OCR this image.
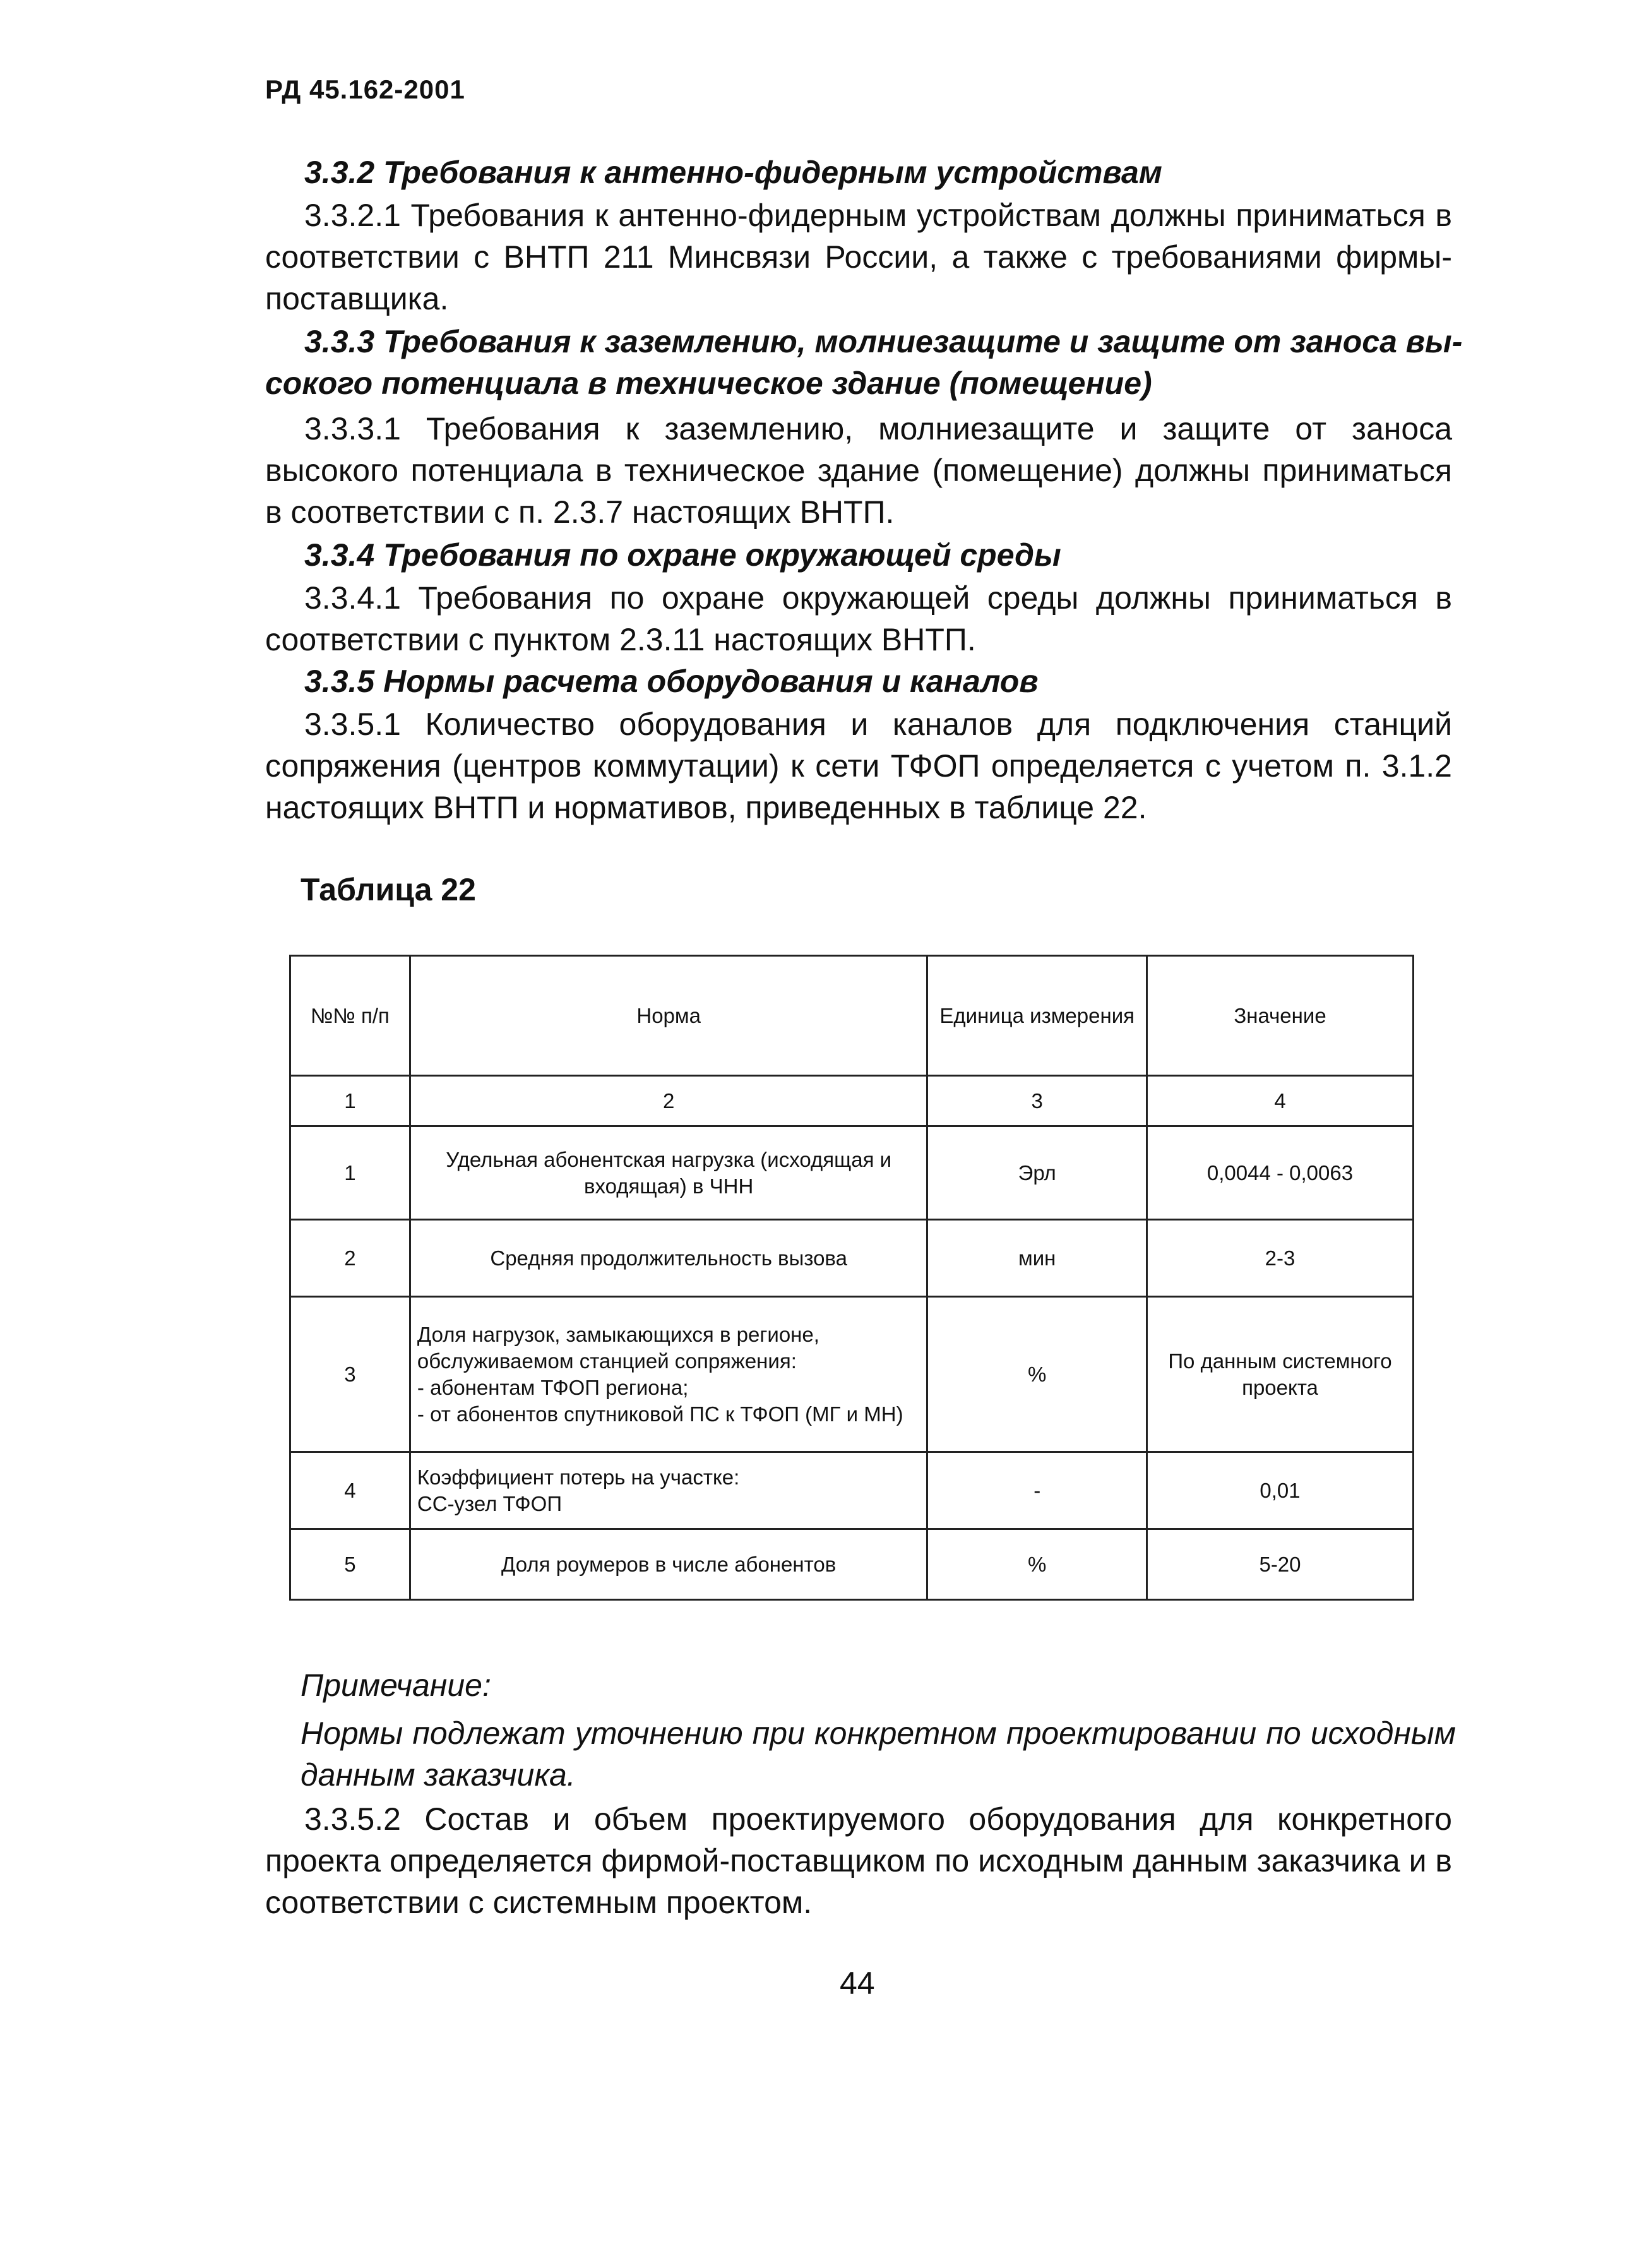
РД 45.162-2001
3.3.2 Требования к антенно-фидерным устройствам
3.3.2.1 Требования к антенно-фидерным устройствам должны приниматься в соответствии с ВНТП 211 Минсвязи России, а также с требованиями фирмы-поставщика.
3.3.3 Требования к заземлению, молниезащите и защите от заноса вы-
сокого потенциала в техническое здание (помещение)
3.3.3.1 Требования к заземлению, молниезащите и защите от заноса высокого потенциала в техническое здание (помещение) должны приниматься в соответствии с п. 2.3.7 настоящих ВНТП.
3.3.4 Требования по охране окружающей среды
3.3.4.1 Требования по охране окружающей среды должны приниматься в соответствии с пунктом 2.3.11 настоящих ВНТП.
3.3.5 Нормы расчета оборудования и каналов
3.3.5.1 Количество оборудования и каналов для подключения станций сопряжения (центров коммутации) к сети ТФОП определяется с учетом п. 3.1.2 настоящих ВНТП и нормативов, приведенных в таблице 22.
Таблица 22
№№ п/п	Норма	Единица измерения	Значение
1	2	3	4
1	Удельная абонентская нагрузка (исходящая и входящая) в ЧНН	Эрл	0,0044 - 0,0063
2	Средняя продолжительность вызова	мин	2-3
3	Доля нагрузок, замыкающихся в регионе, обслуживаемом станцией сопряжения:
- абонентам ТФОП региона;
- от абонентов спутниковой ПС к ТФОП (МГ и МН)	%	По данным системного проекта
4	Коэффициент потерь на участке:
СС-узел ТФОП	-	0,01
5	Доля роумеров в числе абонентов	%	5-20
Примечание:
Нормы подлежат уточнению при конкретном проектировании по исходным данным заказчика.
3.3.5.2 Состав и объем проектируемого оборудования для конкретного проекта определяется фирмой-поставщиком по исходным данным заказчика и в соответствии с системным проектом.
44
